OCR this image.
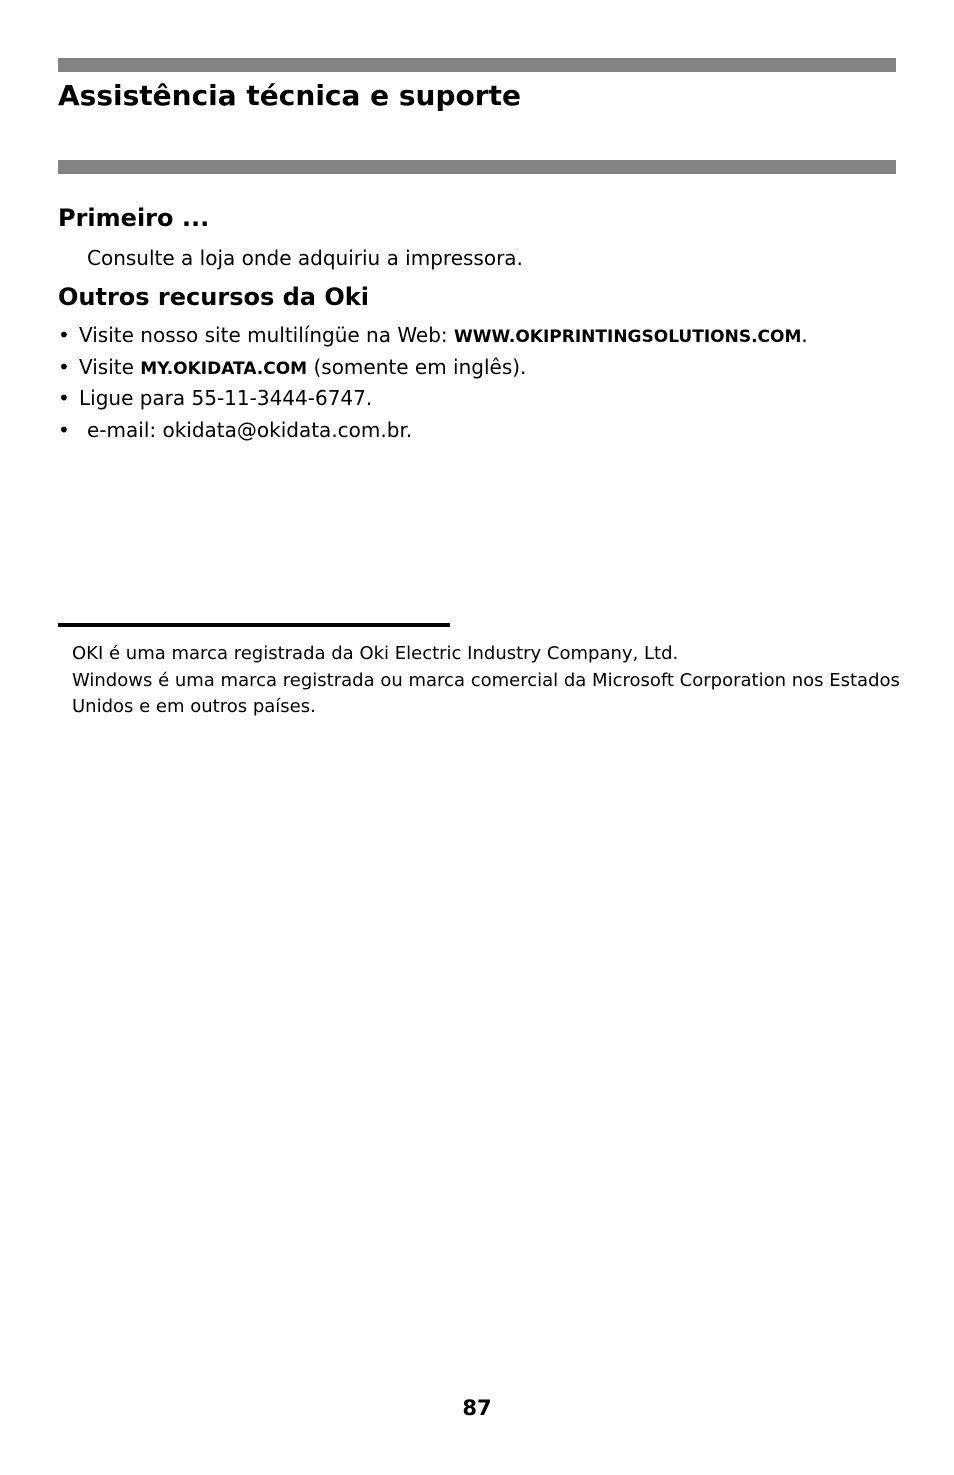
Assistência técnica e suporte
Primeiro ...

Consulte a loja onde adquiriu a impressora.

Outros recursos da Oki
• Visite nosso site multilíngüe na Web: WWW.OKIPRINTINGSOLUTIONS.COM.
• Visite MY.OKIDATA.COM (somente em inglês).
• Ligue para 55-11-3444-6747.
• e-mail: okidata@okidata.com.br.

OKI é uma marca registrada da Oki Electric Industry Company, Ltd.

Windows é uma marca registrada ou marca comercial da Microsoft Corporation nos Estados Unidos e em outros países.

87
